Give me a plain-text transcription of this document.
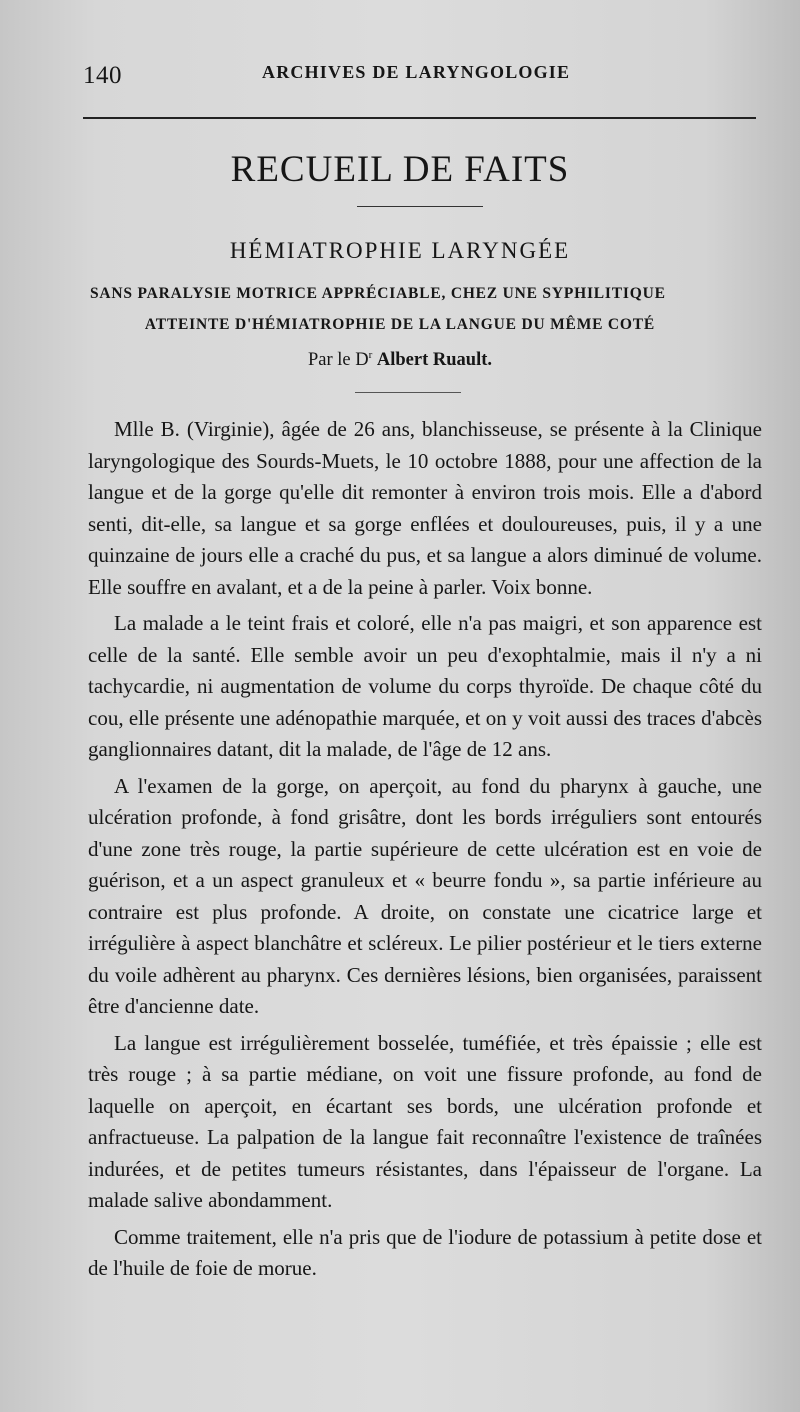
140	ARCHIVES DE LARYNGOLOGIE
RECUEIL DE FAITS
HÉMIATROPHIE LARYNGÉE
SANS PARALYSIE MOTRICE APPRÉCIABLE, CHEZ UNE SYPHILITIQUE
ATTEINTE D'HÉMIATROPHIE DE LA LANGUE DU MÊME COTÉ
Par le $D^r$ Albert Ruault.

Mlle B. (Virginie), âgée de 26 ans, blanchisseuse, se présente à la Clinique laryngologique des Sourds-Muets, le 10 octobre 1888, pour une affection de la langue et de la gorge qu'elle dit remonter à environ trois mois. Elle a d'abord senti, dit-elle, sa langue et sa gorge enflées et douloureuses, puis, il y a une quinzaine de jours elle a craché du pus, et sa langue a alors diminué de volume. Elle souffre en avalant, et a de la peine à parler. Voix bonne.

La malade a le teint frais et coloré, elle n'a pas maigri, et son apparence est celle de la santé. Elle semble avoir un peu d'exophtalmie, mais il n'y a ni tachycardie, ni augmentation de volume du corps thyroïde. De chaque côté du cou, elle présente une adénopathie marquée, et on y voit aussi des traces d'abcès ganglionnaires datant, dit la malade, de l'âge de 12 ans.

A l'examen de la gorge, on aperçoit, au fond du pharynx à gauche, une ulcération profonde, à fond grisâtre, dont les bords irréguliers sont entourés d'une zone très rouge, la partie supérieure de cette ulcération est en voie de guérison, et a un aspect granuleux et « beurre fondu », sa partie inférieure au contraire est plus profonde. A droite, on constate une cicatrice large et irrégulière à aspect blanchâtre et scléreux. Le pilier postérieur et le tiers externe du voile adhèrent au pharynx. Ces dernières lésions, bien organisées, paraissent être d'ancienne date.

La langue est irrégulièrement bosselée, tuméfiée, et très épaissie ; elle est très rouge ; à sa partie médiane, on voit une fissure profonde, au fond de laquelle on aperçoit, en écartant ses bords, une ulcération profonde et anfractueuse. La palpation de la langue fait reconnaître l'existence de traînées indurées, et de petites tumeurs résistantes, dans l'épaisseur de l'organe. La malade salive abondamment.

Comme traitement, elle n'a pris que de l'iodure de potassium à petite dose et de l'huile de foie de morue.
